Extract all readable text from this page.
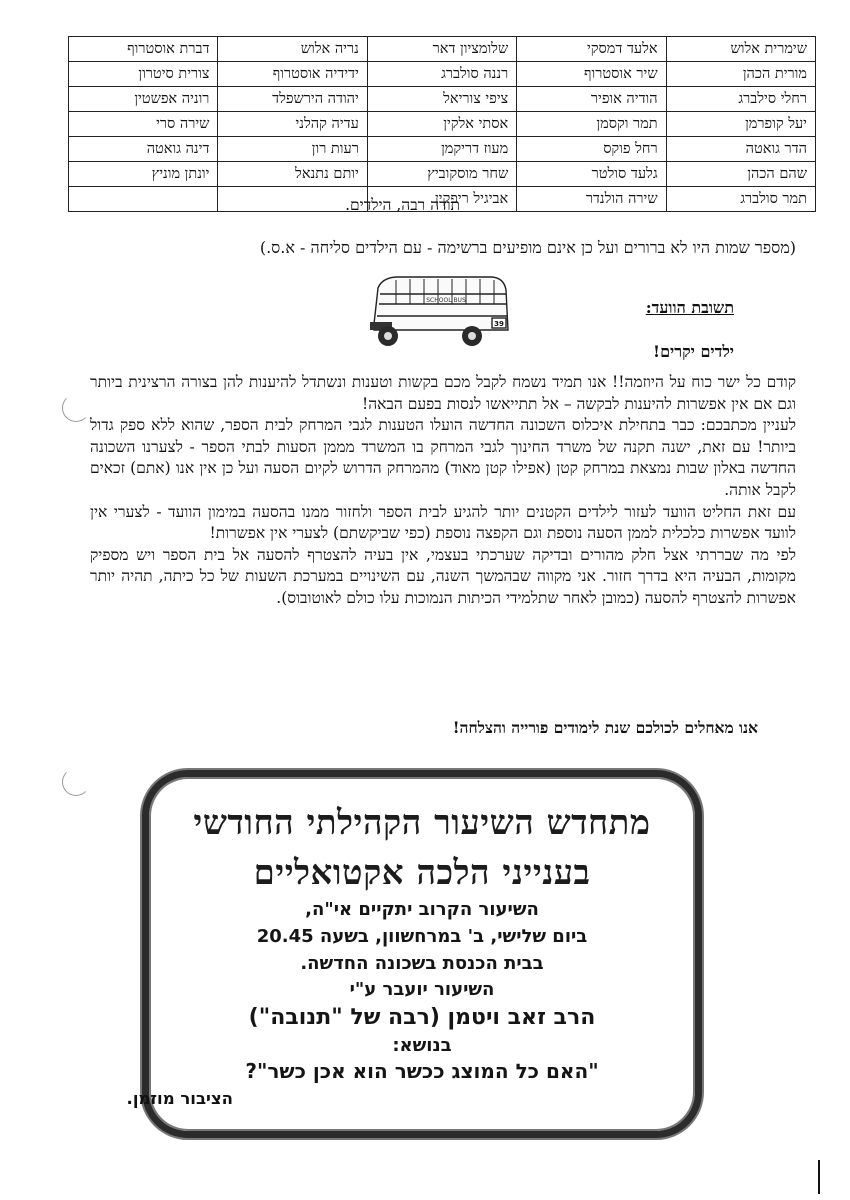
שימרית אלוש	אלעד דמסקי	שלומציון דאר	נריה אלוש	דברת אוסטרוף
מורית הכהן	שיר אוסטרוף	רננה סולברג	ידידיה אוסטרוף	צורית סיטרון
רחלי סילברג	הודיה אופיר	ציפי צוריאל	יהודה הירשפלד	רוניה אפשטין
יעל קופרמן	תמר וקסמן	אסתי אלקין	עדיה קהלני	שירה סרי
הדר גואטה	רחל פוקס	מעוז דריקמן	רעות רון	דינה גואטה
שהם הכהן	גלעד סולטר	שחר מוסקוביץ	יותם נתנאל	יונתן מוניץ
תמר סולברג	שירה הולנדר	אביגיל ריפקין		
תודה רבה, הילדים.
(מספר שמות היו לא ברורים ועל כן אינם מופיעים ברשימה - עם הילדים סליחה - א.ס.)
SCHOOL BUS
39
תשובת הוועד:
ילדים יקרים!

קודם כל ישר כוח על היוזמה!! אנו תמיד נשמח לקבל מכם בקשות וטענות ונשתדל להיענות להן בצורה הרצינית ביותר וגם אם אין אפשרות להיענות לבקשה – אל תתייאשו לנסות בפעם הבאה!

לעניין מכתבכם: כבר בתחילת איכלוס השכונה החדשה הועלו הטענות לגבי המרחק לבית הספר, שהוא ללא ספק גדול ביותר! עם זאת, ישנה תקנה של משרד החינוך לגבי המרחק בו המשרד מממן הסעות לבתי הספר - לצערנו השכונה החדשה באלון שבות נמצאת במרחק קטן (אפילו קטן מאוד) מהמרחק הדרוש לקיום הסעה ועל כן אין אנו (אתם) זכאים לקבל אותה.

עם זאת החליט הוועד לעזור לילדים הקטנים יותר להגיע לבית הספר ולחזור ממנו בהסעה במימון הוועד - לצערי אין לוועד אפשרות כלכלית לממן הסעה נוספת וגם הקפצה נוספת (כפי שביקשתם) לצערי אין אפשרות!

לפי מה שבררתי אצל חלק מהורים ובדיקה שערכתי בעצמי, אין בעיה להצטרף להסעה אל בית הספר ויש מספיק מקומות, הבעיה היא בדרך חזור. אני מקווה שבהמשך השנה, עם השינויים במערכת השעות של כל כיתה, תהיה יותר אפשרות להצטרף להסעה (כמובן לאחר שתלמידי הכיתות הנמוכות עלו כולם לאוטובוס).

אנו מאחלים לכולכם שנת לימודים פורייה והצלחה!
מתחדש השיעור הקהילתי החודשי
בענייני הלכה אקטואליים
השיעור הקרוב יתקיים אי"ה,
ביום שלישי, ב' במרחשוון, בשעה 20.45
בבית הכנסת בשכונה החדשה.
השיעור יועבר ע"י
הרב זאב ויטמן (רבה של "תנובה")
בנושא:
"האם כל המוצג ככשר הוא אכן כשר"?
הציבור מוזמן.
